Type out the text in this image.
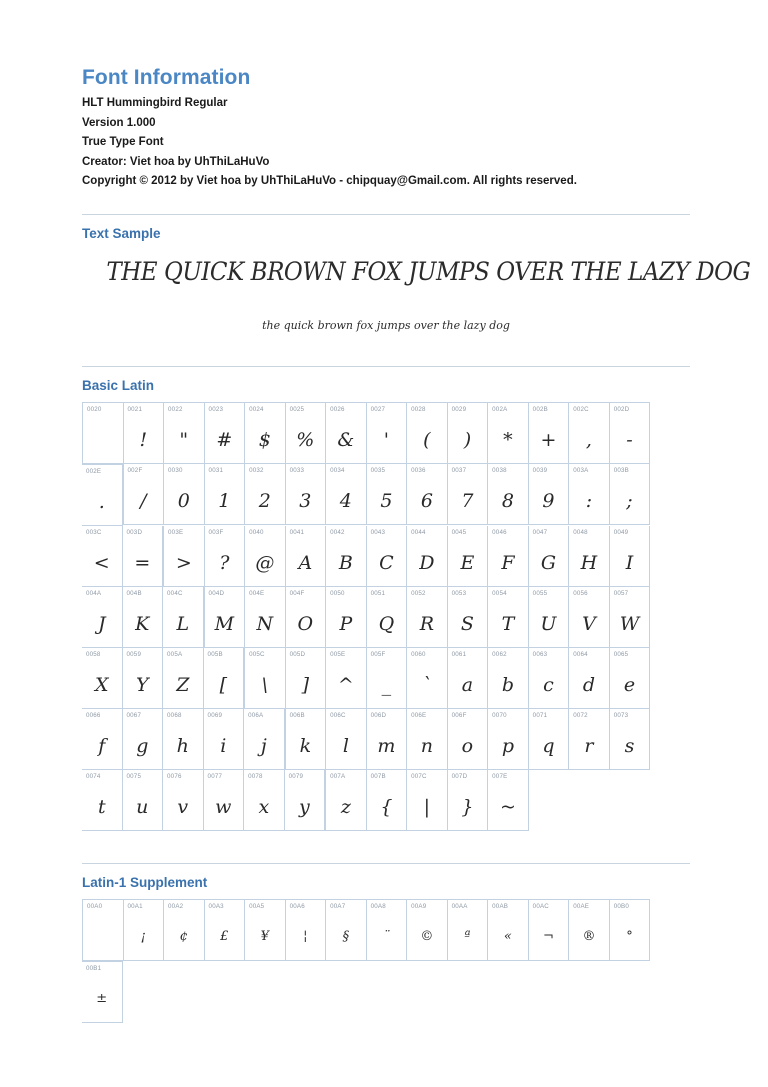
Font Information

HLT Hummingbird Regular

Version 1.000

True Type Font

Creator: Viet hoa by UhThiLaHuVo

Copyright © 2012 by Viet hoa by UhThiLaHuVo - chipquay@Gmail.com. All rights reserved.

Text Sample
THE QUICK BROWN FOX JUMPS OVER THE LAZY DOG
the quick brown fox jumps over the lazy dog
Basic Latin
0020	0021
!
0022
"
0023
#
0024
$
0025
%
0026
&
0027
'
0028
(
0029
)
002A
*
002B
+
002C
,
002D
-
002E
.
002F
/
0030
0
0031
1
0032
2
0033
3
0034
4
0035
5
0036
6
0037
7
0038
8
0039
9
003A
:
003B
;
003C
<
003D
=
003E
>
003F
?
0040
@
0041
A
0042
B
0043
C
0044
D
0045
E
0046
F
0047
G
0048
H
0049
I
004A
J
004B
K
004C
L
004D
M
004E
N
004F
O
0050
P
0051
Q
0052
R
0053
S
0054
T
0055
U
0056
V
0057
W
0058
X
0059
Y
005A
Z
005B
[
005C
\
005D
]
005E
^
005F
_
0060
`
0061
a
0062
b
0063
c
0064
d
0065
e
0066
f
0067
g
0068
h
0069
i
006A
j
006B
k
006C
l
006D
m
006E
n
006F
o
0070
p
0071
q
0072
r
0073
s
0074
t
0075
u
0076
v
0077
w
0078
x
0079
y
007A
z
007B
{
007C
|
007D
}
007E
~
Latin-1 Supplement
00A0	00A1
¡
00A2
¢
00A3
£
00A5
¥
00A6
¦
00A7
§
00A8
¨
00A9
©
00AA
ª
00AB
«
00AC
¬
00AE
®
00B0
°
00B1
±
